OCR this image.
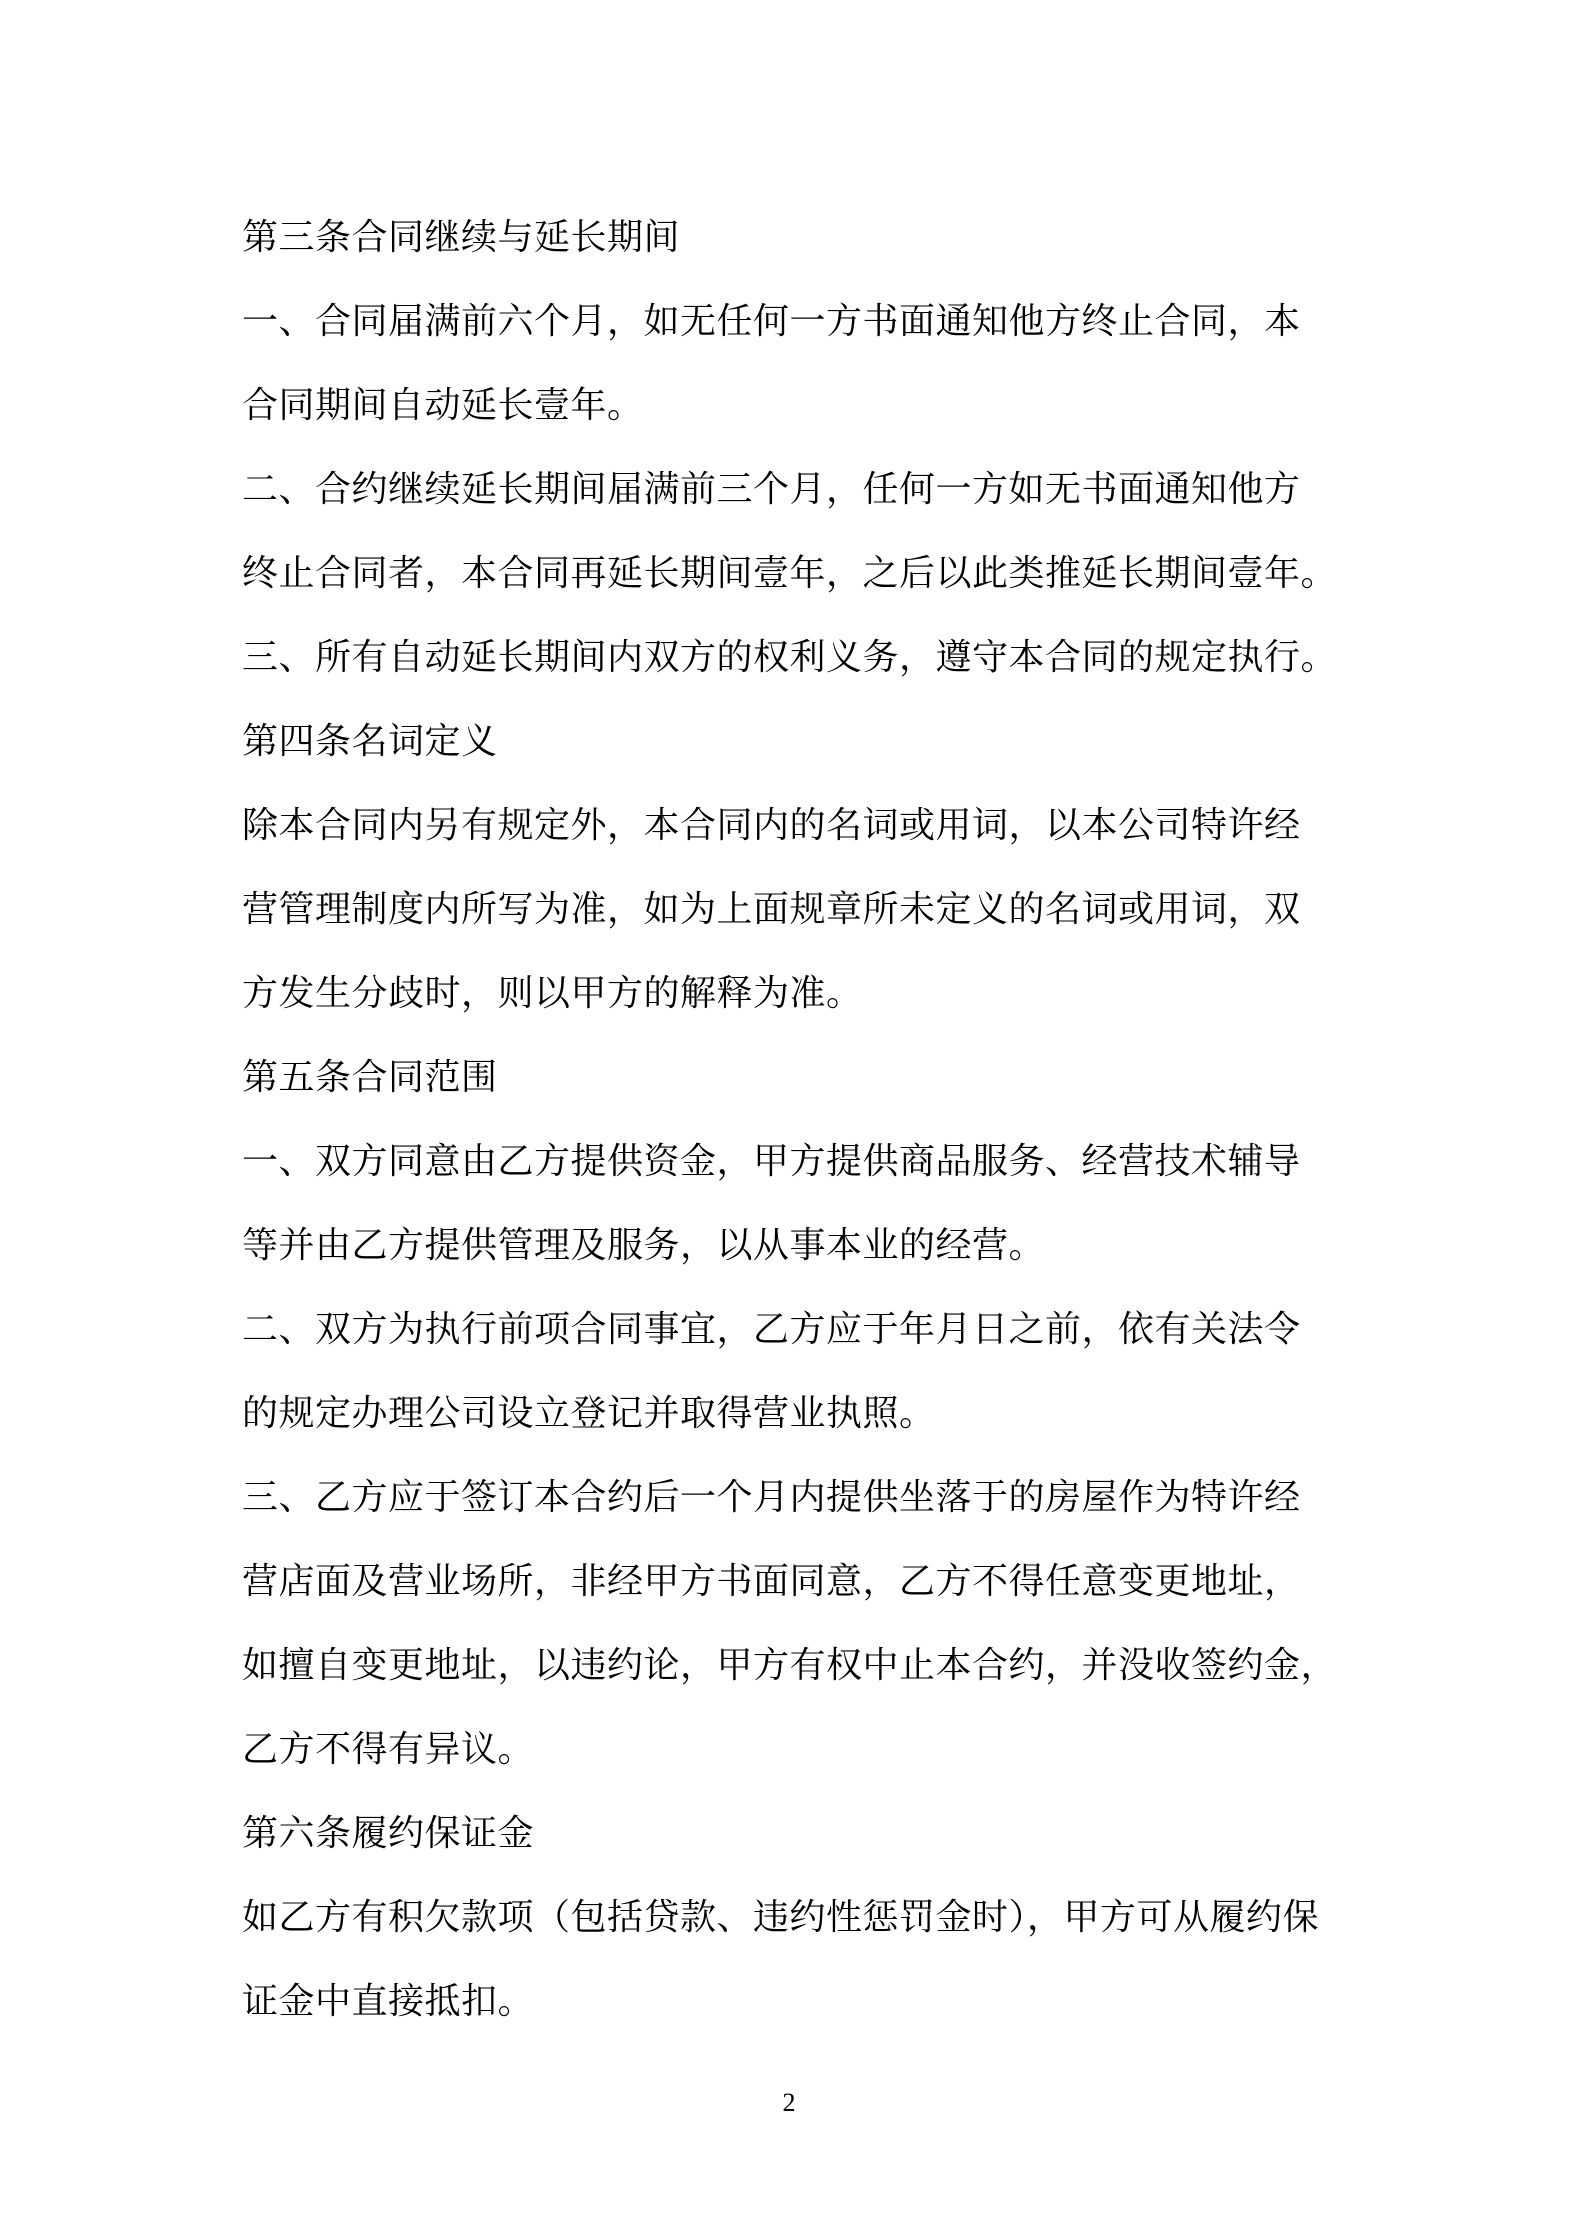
第三条合同继续与延长期间
一、合同届满前六个月，如无任何一方书面通知他方终止合同，本
合同期间自动延长壹年。
二、合约继续延长期间届满前三个月，任何一方如无书面通知他方
终止合同者，本合同再延长期间壹年，之后以此类推延长期间壹年。
三、所有自动延长期间内双方的权利义务，遵守本合同的规定执行。
第四条名词定义
除本合同内另有规定外，本合同内的名词或用词，以本公司特许经
营管理制度内所写为准，如为上面规章所未定义的名词或用词，双
方发生分歧时，则以甲方的解释为准。
第五条合同范围
一、双方同意由乙方提供资金，甲方提供商品服务、经营技术辅导
等并由乙方提供管理及服务，以从事本业的经营。
二、双方为执行前项合同事宜，乙方应于年月日之前，依有关法令
的规定办理公司设立登记并取得营业执照。
三、乙方应于签订本合约后一个月内提供坐落于的房屋作为特许经
营店面及营业场所，非经甲方书面同意，乙方不得任意变更地址，
如擅自变更地址，以违约论，甲方有权中止本合约，并没收签约金，
乙方不得有异议。
第六条履约保证金
如乙方有积欠款项（包括贷款、违约性惩罚金时），甲方可从履约保
证金中直接抵扣。
2
